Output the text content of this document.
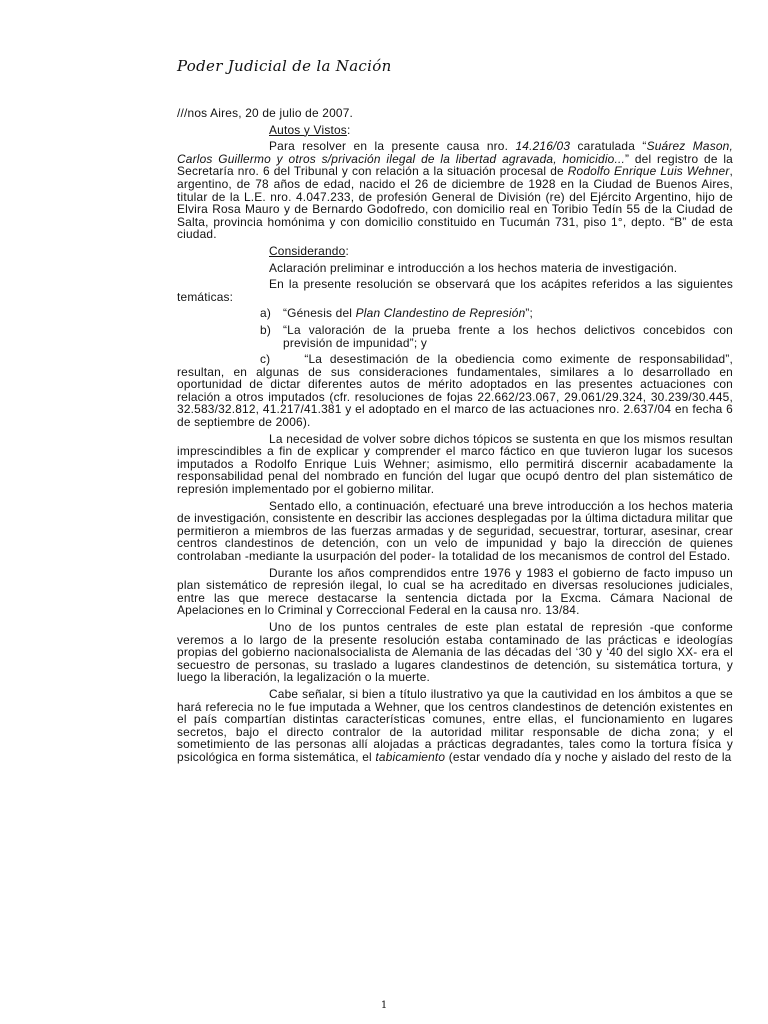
Poder Judicial de la Nación

///nos Aires, 20 de julio de 2007.

Autos y Vistos:

Para resolver en la presente causa nro. 14.216/03 caratulada “Suárez Mason, Carlos Guillermo y otros s/privación ilegal de la libertad agravada, homicidio...” del registro de la Secretaría nro. 6 del Tribunal y con relación a la situación procesal de Rodolfo Enrique Luis Wehner, argentino, de 78 años de edad, nacido el 26 de diciembre de 1928 en la Ciudad de Buenos Aires, titular de la L.E. nro. 4.047.233, de profesión General de División (re) del Ejército Argentino, hijo de Elvira Rosa Mauro y de Bernardo Godofredo, con domicilio real en Toribio Tedín 55 de la Ciudad de Salta, provincia homónima y con domicilio constituido en Tucumán 731, piso 1°, depto. “B” de esta ciudad.

Considerando:

Aclaración preliminar e introducción a los hechos materia de investigación.

En la presente resolución se observará que los acápites referidos a las siguientes temáticas:

a)	“Génesis del Plan Clandestino de Represión”;
b)	“La valoración de la prueba frente a los hechos delictivos concebidos con previsión de impunidad”; y

c)	“La desestimación de la obediencia como eximente de responsabilidad”, resultan, en algunas de sus consideraciones fundamentales, similares a lo desarrollado en oportunidad de dictar diferentes autos de mérito adoptados en las presentes actuaciones con relación a otros imputados (cfr. resoluciones de fojas 22.662/23.067, 29.061/29.324, 30.239/30.445, 32.583/32.812, 41.217/41.381 y el adoptado en el marco de las actuaciones nro. 2.637/04 en fecha 6 de septiembre de 2006).

La necesidad de volver sobre dichos tópicos se sustenta en que los mismos resultan imprescindibles a fin de explicar y comprender el marco fáctico en que tuvieron lugar los sucesos imputados a Rodolfo Enrique Luis Wehner; asimismo, ello permitirá discernir acabadamente la responsabilidad penal del nombrado en función del lugar que ocupó dentro del plan sistemático de represión implementado por el gobierno militar.

Sentado ello, a continuación, efectuaré una breve introducción a los hechos materia de investigación, consistente en describir las acciones desplegadas por la última dictadura militar que permitieron a miembros de las fuerzas armadas y de seguridad, secuestrar, torturar, asesinar, crear centros clandestinos de detención, con un velo de impunidad y bajo la dirección de quienes controlaban -mediante la usurpación del poder- la totalidad de los mecanismos de control del Estado.

Durante los años comprendidos entre 1976 y 1983 el gobierno de facto impuso un plan sistemático de represión ilegal, lo cual se ha acreditado en diversas resoluciones judiciales, entre las que merece destacarse la sentencia dictada por la Excma. Cámara Nacional de Apelaciones en lo Criminal y Correccional Federal en la causa nro. 13/84.

Uno de los puntos centrales de este plan estatal de represión -que conforme veremos a lo largo de la presente resolución estaba contaminado de las prácticas e ideologías propias del gobierno nacionalsocialista de Alemania de las décadas del ‘30 y ‘40 del siglo XX- era el secuestro de personas, su traslado a lugares clandestinos de detención, su sistemática tortura, y luego la liberación, la legalización o la muerte.

Cabe señalar, si bien a título ilustrativo ya que la cautividad en los ámbitos a que se hará referecia no le fue imputada a Wehner, que los centros clandestinos de detención existentes en el país compartían distintas características comunes, entre ellas, el funcionamiento en lugares secretos, bajo el directo contralor de la autoridad militar responsable de dicha zona; y el sometimiento de las personas allí alojadas a prácticas degradantes, tales como la tortura física y psicológica en forma sistemática, el tabicamiento (estar vendado día y noche y aislado del resto de la

1
